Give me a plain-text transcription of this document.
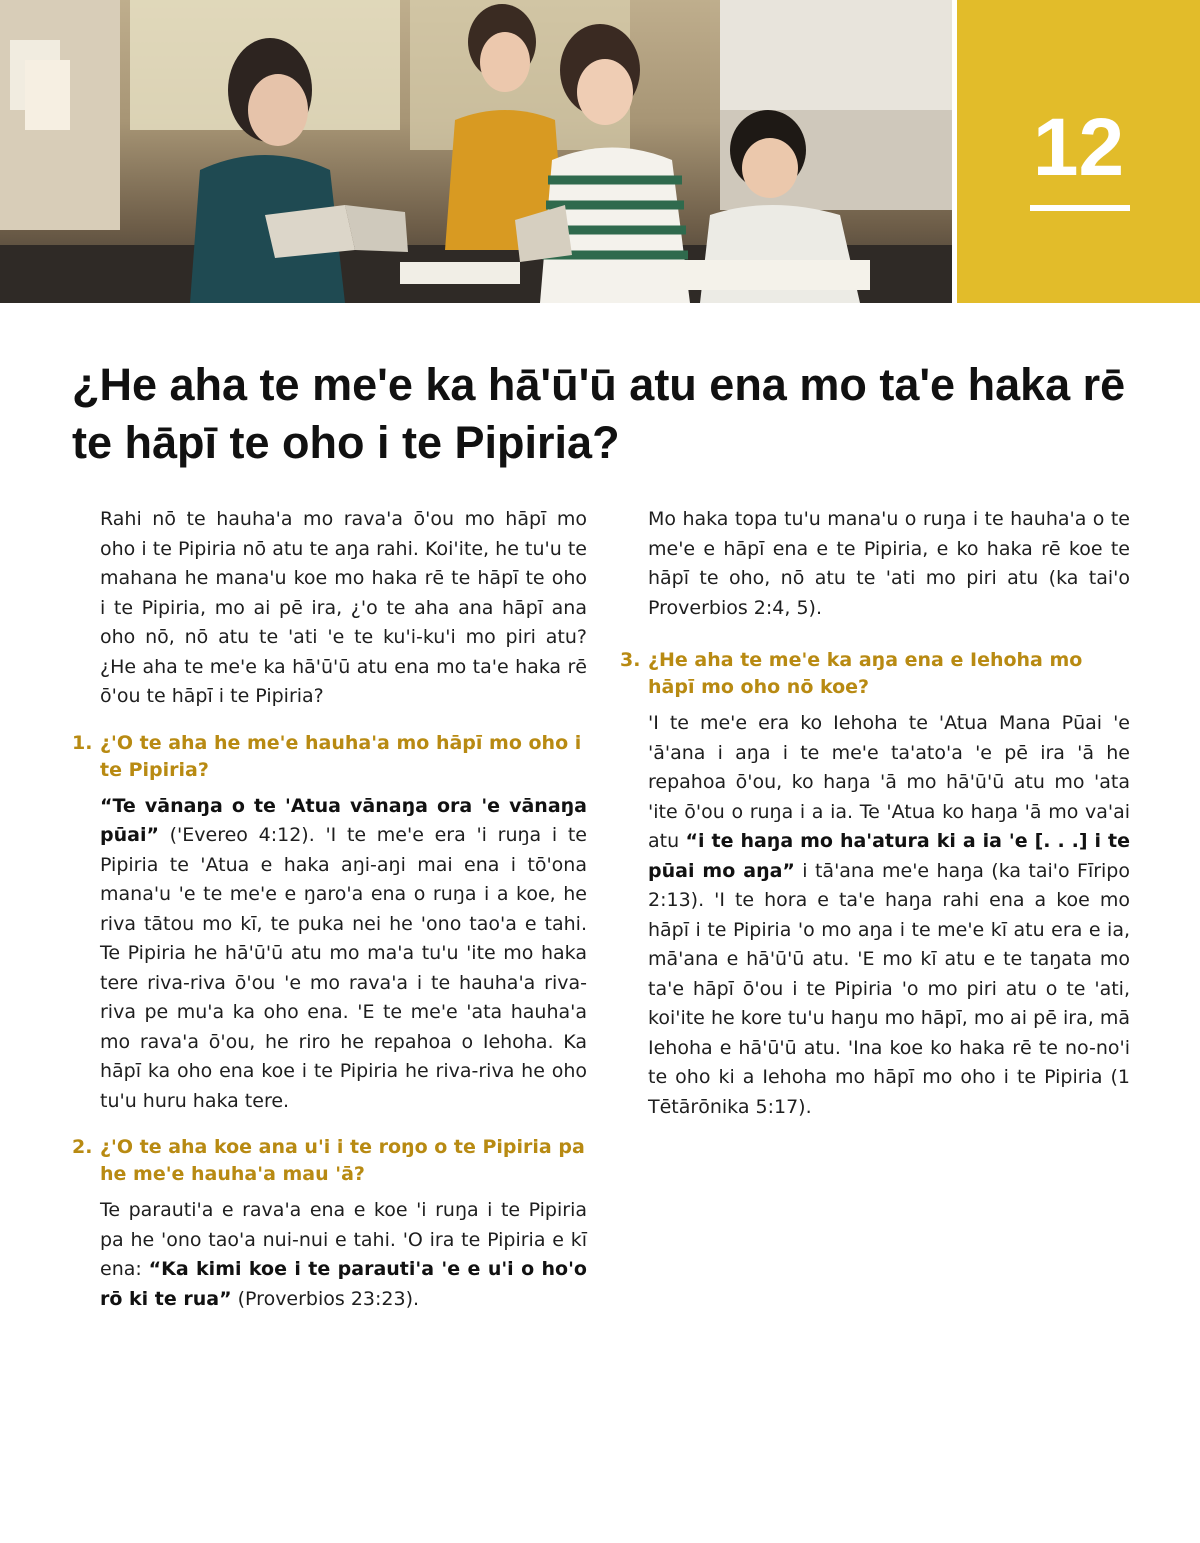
12
¿He aha te me'e ka hā'ū'ū atu ena mo ta'e haka rē te hāpī te oho i te Pipiria?

Rahi nō te hauha'a mo rava'a ō'ou mo hāpī mo oho i te Pipiria nō atu te aŋa rahi. Koi'ite, he tu'u te mahana he mana'u koe mo haka rē te hāpī te oho i te Pipiria, mo ai pē ira, ¿'o te aha ana hāpī ana oho nō, nō atu te 'ati 'e te ku'i-ku'i mo piri atu? ¿He aha te me'e ka hā'ū'ū atu ena mo ta'e haka rē ō'ou te hāpī i te Pipiria?

1. ¿'O te aha he me'e hauha'a mo hāpī mo oho i te Pipiria?

“Te vānaŋa o te 'Atua vānaŋa ora 'e vānaŋa pūai” ('Evereo 4:12). 'I te me'e era 'i ruŋa i te Pipiria te 'Atua e haka aŋi-aŋi mai ena i tō'ona mana'u 'e te me'e e ŋaro'a ena o ruŋa i a koe, he riva tātou mo kī, te puka nei he 'ono tao'a e tahi. Te Pipiria he hā'ū'ū atu mo ma'a tu'u 'ite mo haka tere riva-riva ō'ou 'e mo rava'a i te hauha'a riva-riva pe mu'a ka oho ena. 'E te me'e 'ata hauha'a mo rava'a ō'ou, he riro he repahoa o Iehoha. Ka hāpī ka oho ena koe i te Pipiria he riva-riva he oho tu'u huru haka tere.

2. ¿'O te aha koe ana u'i i te roŋo o te Pipiria pa he me'e hauha'a mau 'ā?

Te parauti'a e rava'a ena e koe 'i ruŋa i te Pipiria pa he 'ono tao'a nui-nui e tahi. 'O ira te Pipiria e kī ena: “Ka kimi koe i te parauti'a 'e e u'i o ho'o rō ki te rua” (Proverbios 23:23).

Mo haka topa tu'u mana'u o ruŋa i te hauha'a o te me'e e hāpī ena e te Pipiria, e ko haka rē koe te hāpī te oho, nō atu te 'ati mo piri atu (ka tai'o Proverbios 2:4, 5).

3. ¿He aha te me'e ka aŋa ena e Iehoha mo hāpī mo oho nō koe?

'I te me'e era ko Iehoha te 'Atua Mana Pūai 'e 'ā'ana i aŋa i te me'e ta'ato'a 'e pē ira 'ā he repahoa ō'ou, ko haŋa 'ā mo hā'ū'ū atu mo 'ata 'ite ō'ou o ruŋa i a ia. Te 'Atua ko haŋa 'ā mo va'ai atu “i te haŋa mo ha'atura ki a ia 'e [. . .] i te pūai mo aŋa” i tā'ana me'e haŋa (ka tai'o Fīripo 2:13). 'I te hora e ta'e haŋa rahi ena a koe mo hāpī i te Pipiria 'o mo aŋa i te me'e kī atu era e ia, mā'ana e hā'ū'ū atu. 'E mo kī atu e te taŋata mo ta'e hāpī ō'ou i te Pipiria 'o mo piri atu o te 'ati, koi'ite he kore tu'u haŋu mo hāpī, mo ai pē ira, mā Iehoha e hā'ū'ū atu. 'Ina koe ko haka rē te no-no'i te oho ki a Iehoha mo hāpī mo oho i te Pipiria (1 Tētārōnika 5:17).
